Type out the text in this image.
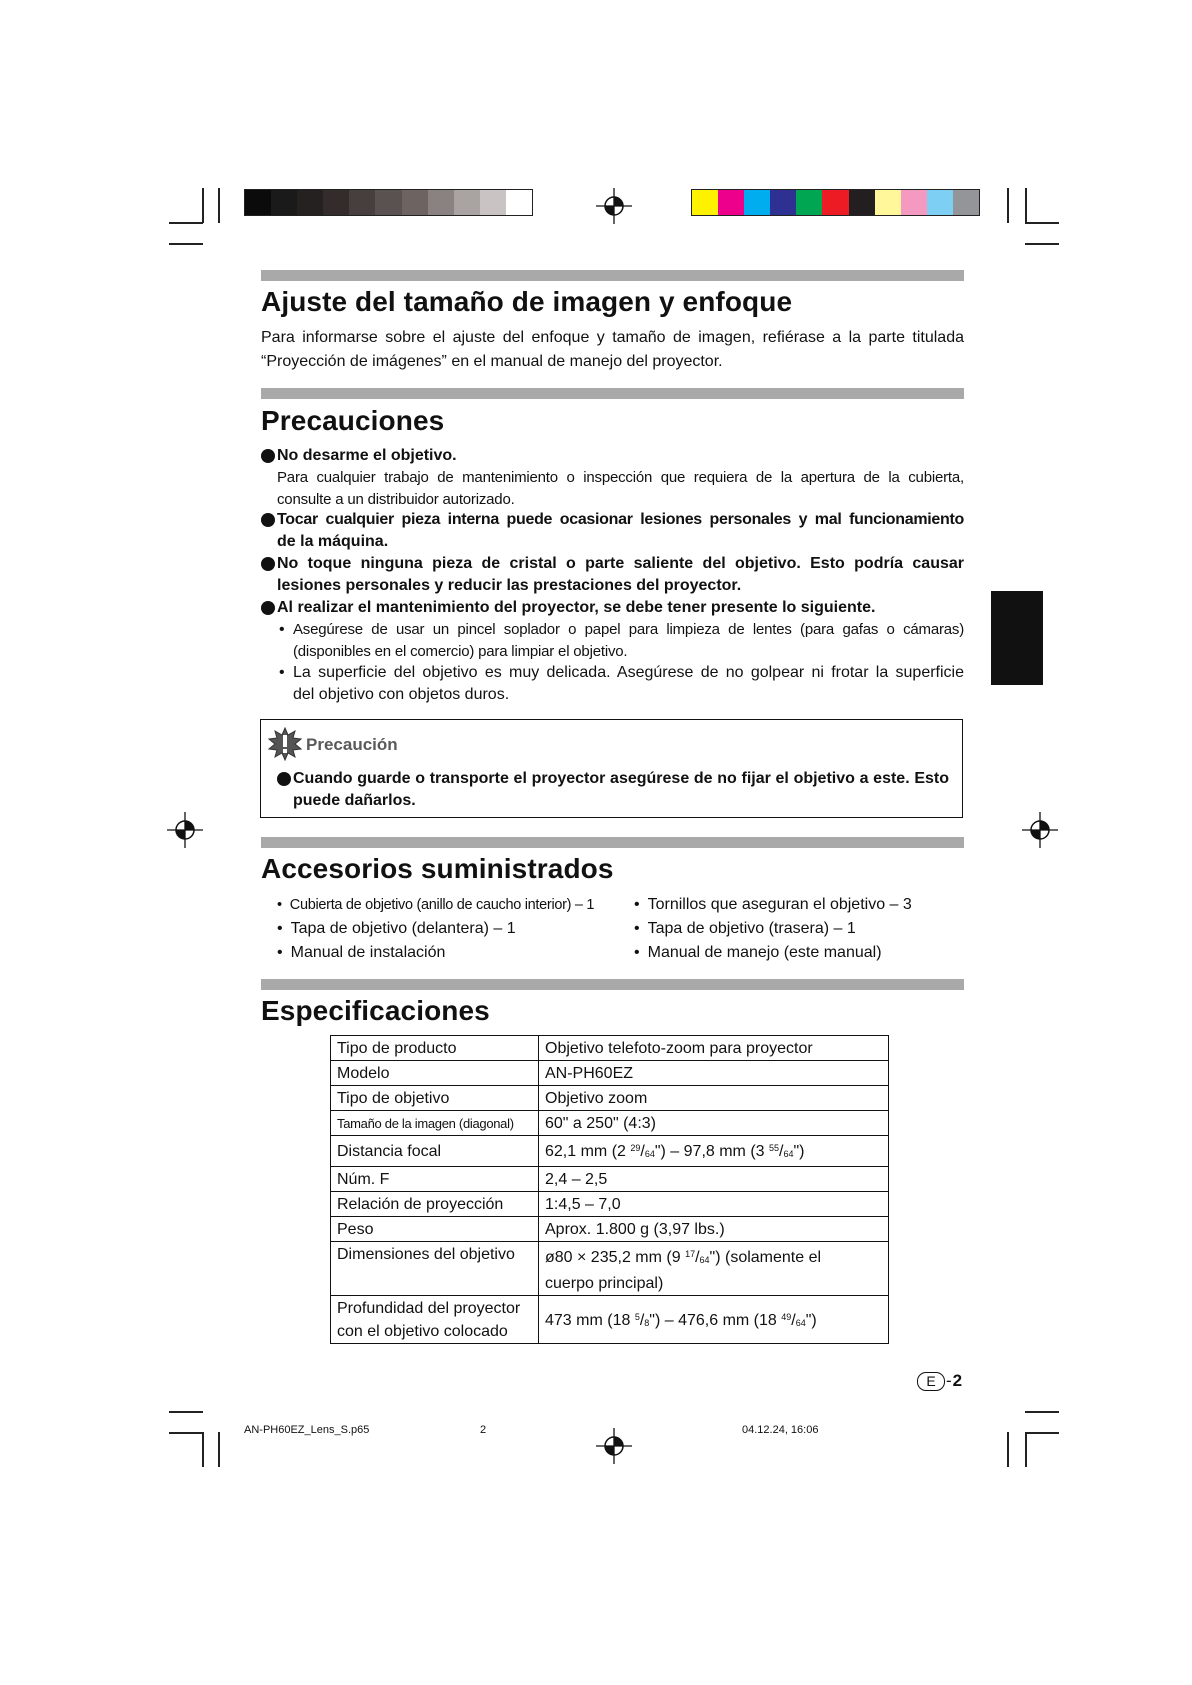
Ajuste del tamaño de imagen y enfoque
Para informarse sobre el ajuste del enfoque y tamaño de imagen, refiérase a la parte titulada
“Proyección de imágenes” en el manual de manejo del proyector.
Precauciones
No desarme el objetivo.
Para cualquier trabajo de mantenimiento o inspección que requiera de la apertura de la cubierta,
consulte a un distribuidor autorizado.
Tocar cualquier pieza interna puede ocasionar lesiones personales y mal funcionamiento
de la máquina.
No toque ninguna pieza de cristal o parte saliente del objetivo. Esto podría causar
lesiones personales y reducir las prestaciones del proyector.
Al realizar el mantenimiento del proyector, se debe tener presente lo siguiente.
• Asegúrese de usar un pincel soplador o papel para limpieza de lentes (para gafas o cámaras)
(disponibles en el comercio) para limpiar el objetivo.
• La superficie del objetivo es muy delicada. Asegúrese de no golpear ni frotar la superficie
del objetivo con objetos duros.
Precaución
Cuando guarde o transporte el proyector asegúrese de no fijar el objetivo a este. Esto
puede dañarlos.
Accesorios suministrados
• Cubierta de objetivo (anillo de caucho interior) – 1
• Tapa de objetivo (delantera) – 1
• Manual de instalación
• Tornillos que aseguran el objetivo – 3
• Tapa de objetivo (trasera) – 1
• Manual de manejo (este manual)
Especificaciones
Tipo de producto	Objetivo telefoto-zoom para proyector
Modelo	AN-PH60EZ
Tipo de objetivo	Objetivo zoom
Tamaño de la imagen (diagonal)	60" a 250" (4:3)
Distancia focal	62,1 mm (2 $^{29}/_{64}") - 97,8$ mm (3 $^{55}/_{64}$")
Núm. F	2,4 – 2,5
Relación de proyección	1:4,5 – 7,0
Peso	Aprox. 1.800 g (3,97 lbs.)
Dimensiones del objetivo	ø80 × 235,2 mm (9 $^{17}/_{64}$") (solamente el
cuerpo principal)
Profundidad del proyector
con el objetivo colocado	473 mm (18 $^5/_8") - 476,6$ mm (18 $^{49}/_{64}$")
E - 2
AN-PH60EZ_Lens_S.p65	2	04.12.24, 16:06
